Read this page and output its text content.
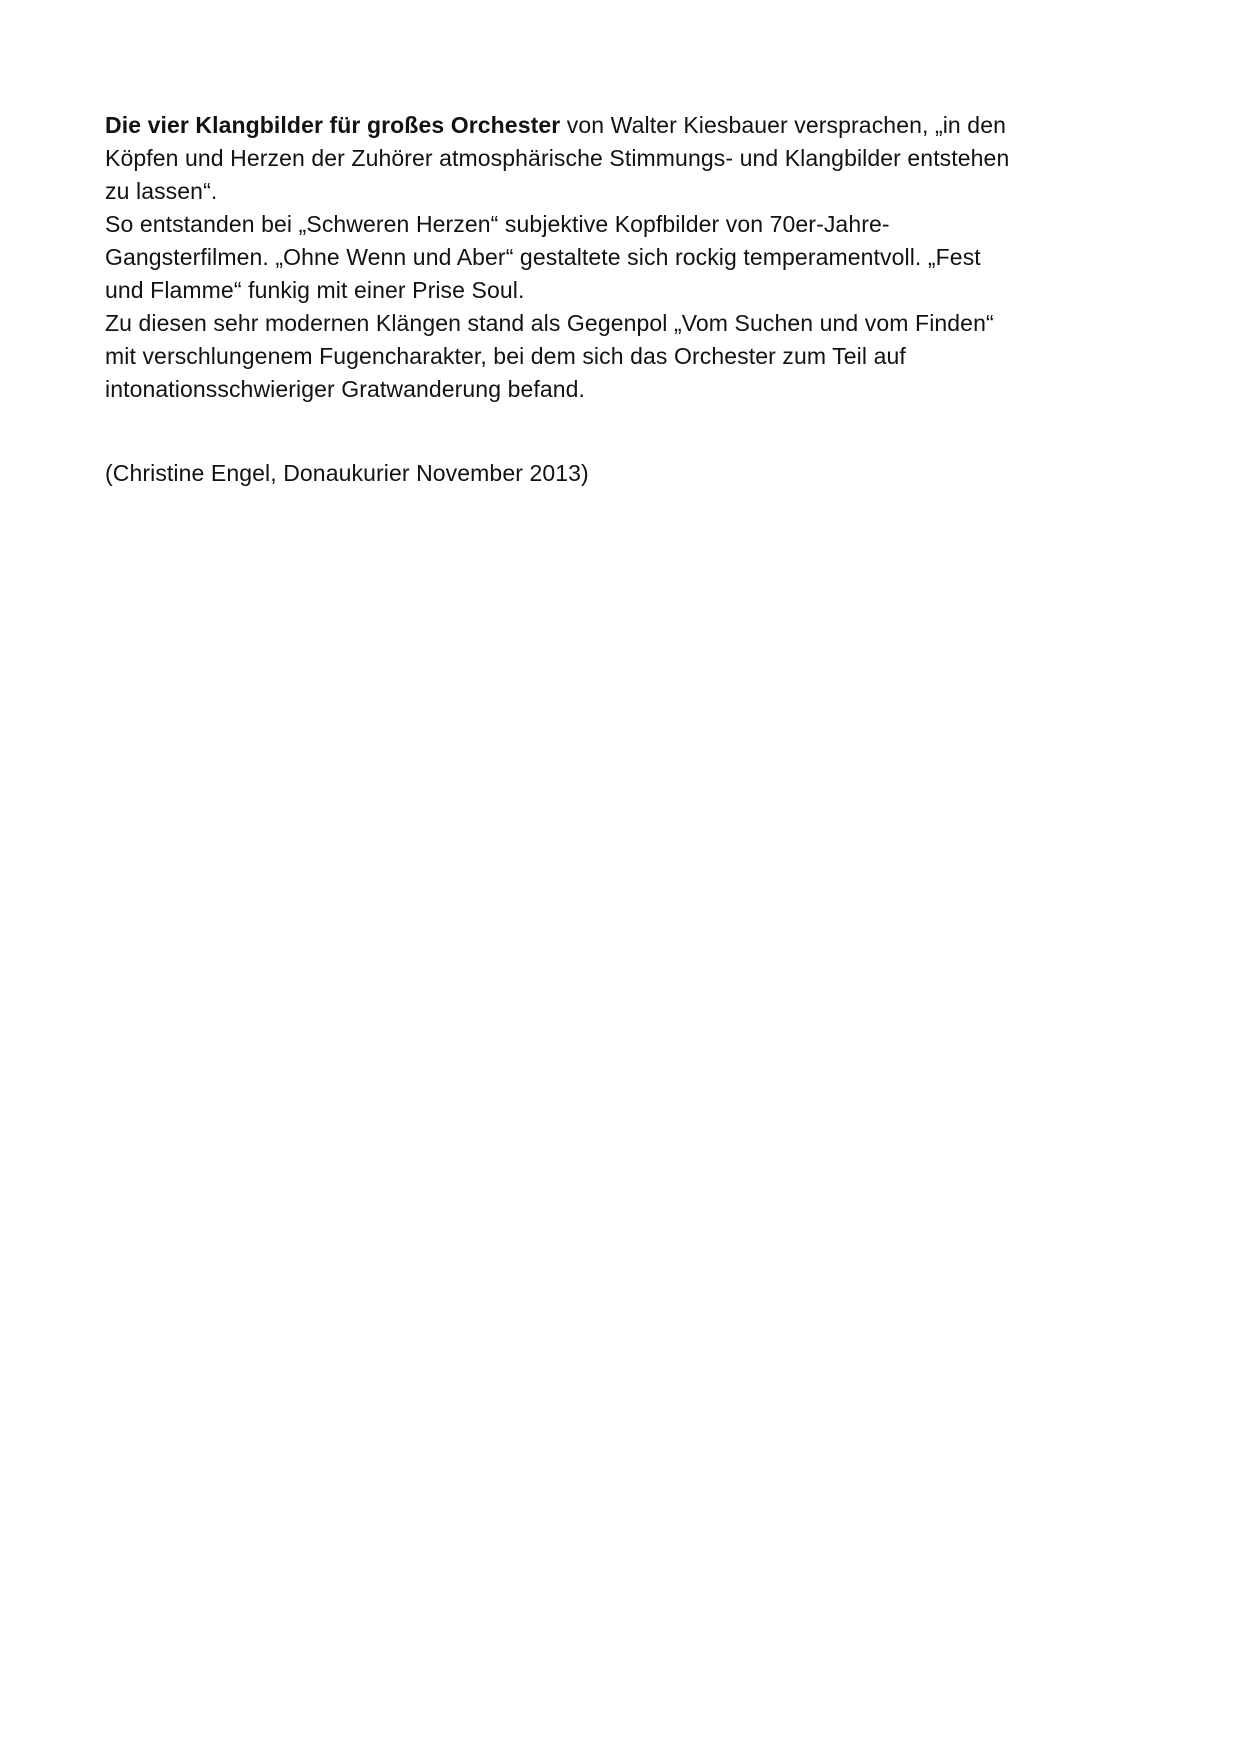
Die vier Klangbilder für großes Orchester von Walter Kiesbauer versprachen, „in den
Köpfen und Herzen der Zuhörer atmosphärische Stimmungs- und Klangbilder entstehen
zu lassen“.
So entstanden bei „Schweren Herzen“ subjektive Kopfbilder von 70er-Jahre-
Gangsterfilmen. „Ohne Wenn und Aber“ gestaltete sich rockig temperamentvoll. „Fest
und Flamme“ funkig mit einer Prise Soul.
Zu diesen sehr modernen Klängen stand als Gegenpol „Vom Suchen und vom Finden“
mit verschlungenem Fugencharakter, bei dem sich das Orchester zum Teil auf
intonationsschwieriger Gratwanderung befand.
(Christine Engel, Donaukurier November 2013)
